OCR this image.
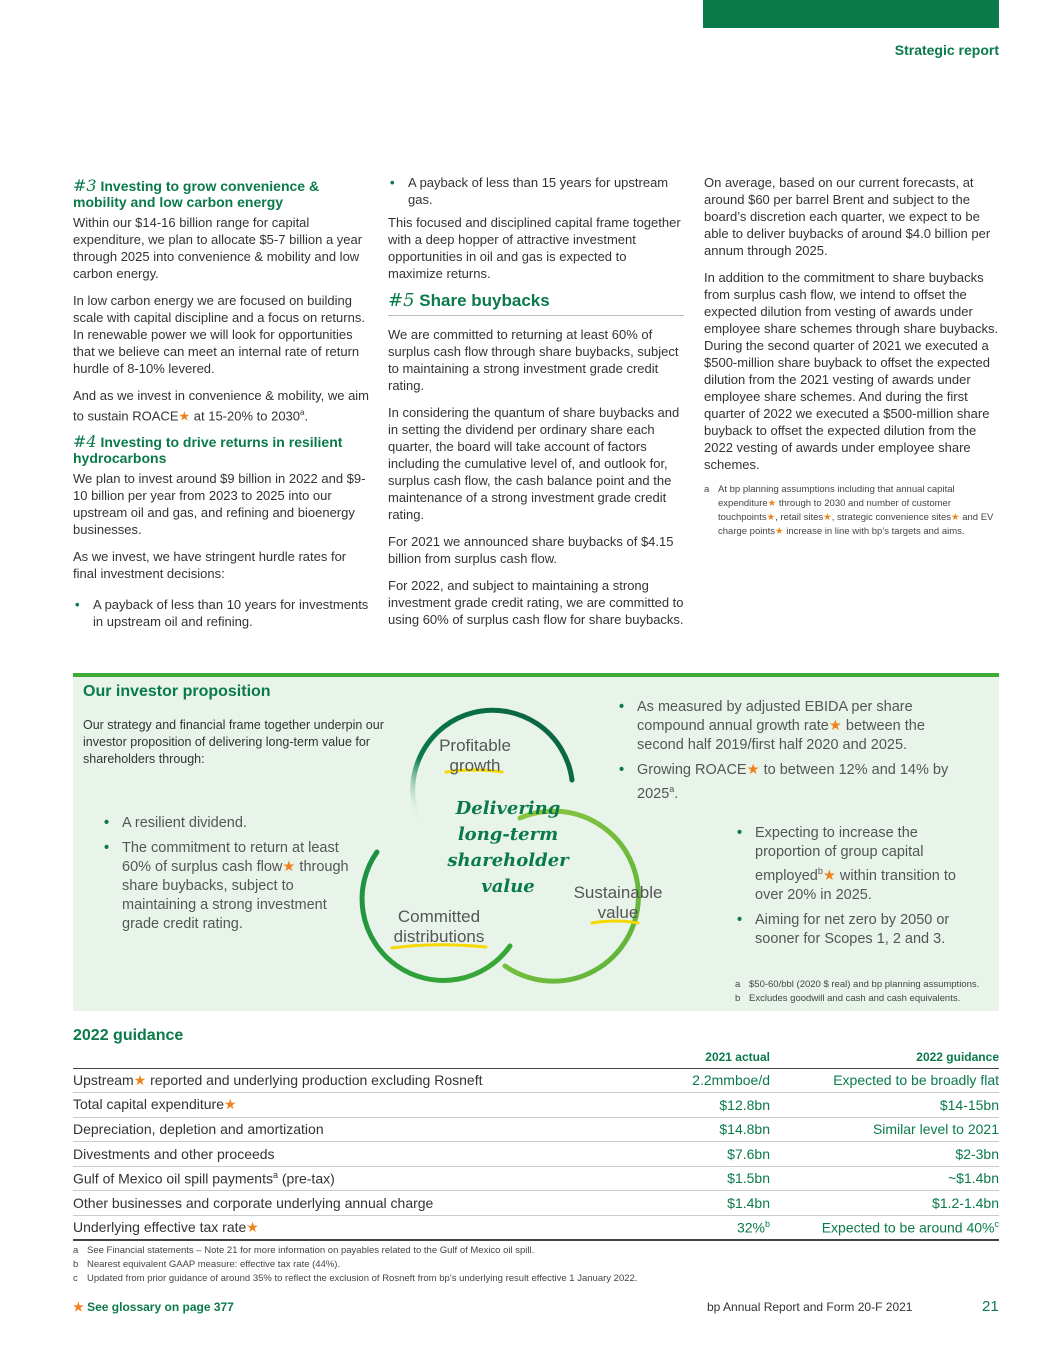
Strategic report
#3 Investing to grow convenience & mobility and low carbon energy

Within our $14-16 billion range for capital expenditure, we plan to allocate $5-7 billion a year through 2025 into convenience & mobility and low carbon energy.

In low carbon energy we are focused on building scale with capital discipline and a focus on returns. In renewable power we will look for opportunities that we believe can meet an internal rate of return hurdle of 8-10% levered.

And as we invest in convenience & mobility, we aim to sustain ROACE★ at 15-20% to 2030$^a$.

#4 Investing to drive returns in resilient hydrocarbons

We plan to invest around $9 billion in 2022 and $9-10 billion per year from 2023 to 2025 into our upstream oil and gas, and refining and bioenergy businesses.

As we invest, we have stringent hurdle rates for final investment decisions:

• A payback of less than 10 years for investments in upstream oil and refining.
• A payback of less than 15 years for upstream gas.

This focused and disciplined capital frame together with a deep hopper of attractive investment opportunities in oil and gas is expected to maximize returns.

#5 Share buybacks

We are committed to returning at least 60% of surplus cash flow through share buybacks, subject to maintaining a strong investment grade credit rating.

In considering the quantum of share buybacks and in setting the dividend per ordinary share each quarter, the board will take account of factors including the cumulative level of, and outlook for, surplus cash flow, the cash balance point and the maintenance of a strong investment grade credit rating.

For 2021 we announced share buybacks of $4.15 billion from surplus cash flow.

For 2022, and subject to maintaining a strong investment grade credit rating, we are committed to using 60% of surplus cash flow for share buybacks.

On average, based on our current forecasts, at around $60 per barrel Brent and subject to the board’s discretion each quarter, we expect to be able to deliver buybacks of around $4.0 billion per annum through 2025.

In addition to the commitment to share buybacks from surplus cash flow, we intend to offset the expected dilution from vesting of awards under employee share schemes through share buybacks. During the second quarter of 2021 we executed a $500-million share buyback to offset the expected dilution from the 2021 vesting of awards under employee share schemes. And during the first quarter of 2022 we executed a $500-million share buyback to offset the expected dilution from the 2022 vesting of awards under employee share schemes.

a At bp planning assumptions including that annual capital expenditure★ through to 2030 and number of customer touchpoints★, retail sites★, strategic convenience sites★ and EV charge points★ increase in line with bp’s targets and aims.
Our investor proposition
Our strategy and financial frame together underpin our investor proposition of delivering long-term value for shareholders through:
Profitable
growth
Committed
distributions
Sustainable
value
Delivering
long-term
shareholder
value
• As measured by adjusted EBIDA per share compound annual growth rate★ between the second half 2019/first half 2020 and 2025.
• Growing ROACE★ to between 12% and 14% by 2025$^a$.
• A resilient dividend.
• The commitment to return at least 60% of surplus cash flow★ through share buybacks, subject to maintaining a strong investment grade credit rating.
• Expecting to increase the proportion of group capital employed$^b$★ within transition to over 20% in 2025.
• Aiming for net zero by 2050 or sooner for Scopes 1, 2 and 3.
a $50-60/bbl (2020 $ real) and bp planning assumptions.
b Excludes goodwill and cash and cash equivalents.
2022 guidance
	2021 actual	2022 guidance
Upstream★ reported and underlying production excluding Rosneft	2.2mmboe/d	Expected to be broadly flat
Total capital expenditure★	$12.8bn	$14-15bn
Depreciation, depletion and amortization	$14.8bn	Similar level to 2021
Divestments and other proceeds	$7.6bn	$2-3bn
Gulf of Mexico oil spill payments$^a$ (pre-tax)	$1.5bn	~$1.4bn
Other businesses and corporate underlying annual charge	$1.4bn	$1.2-1.4bn
Underlying effective tax rate★	32%$^b$	Expected to be around 40%$^c$
a See Financial statements – Note 21 for more information on payables related to the Gulf of Mexico oil spill.
b Nearest equivalent GAAP measure: effective tax rate (44%).
c Updated from prior guidance of around 35% to reflect the exclusion of Rosneft from bp’s underlying result effective 1 January 2022.
★ See glossary on page 377	bp Annual Report and Form 20-F 2021	21
